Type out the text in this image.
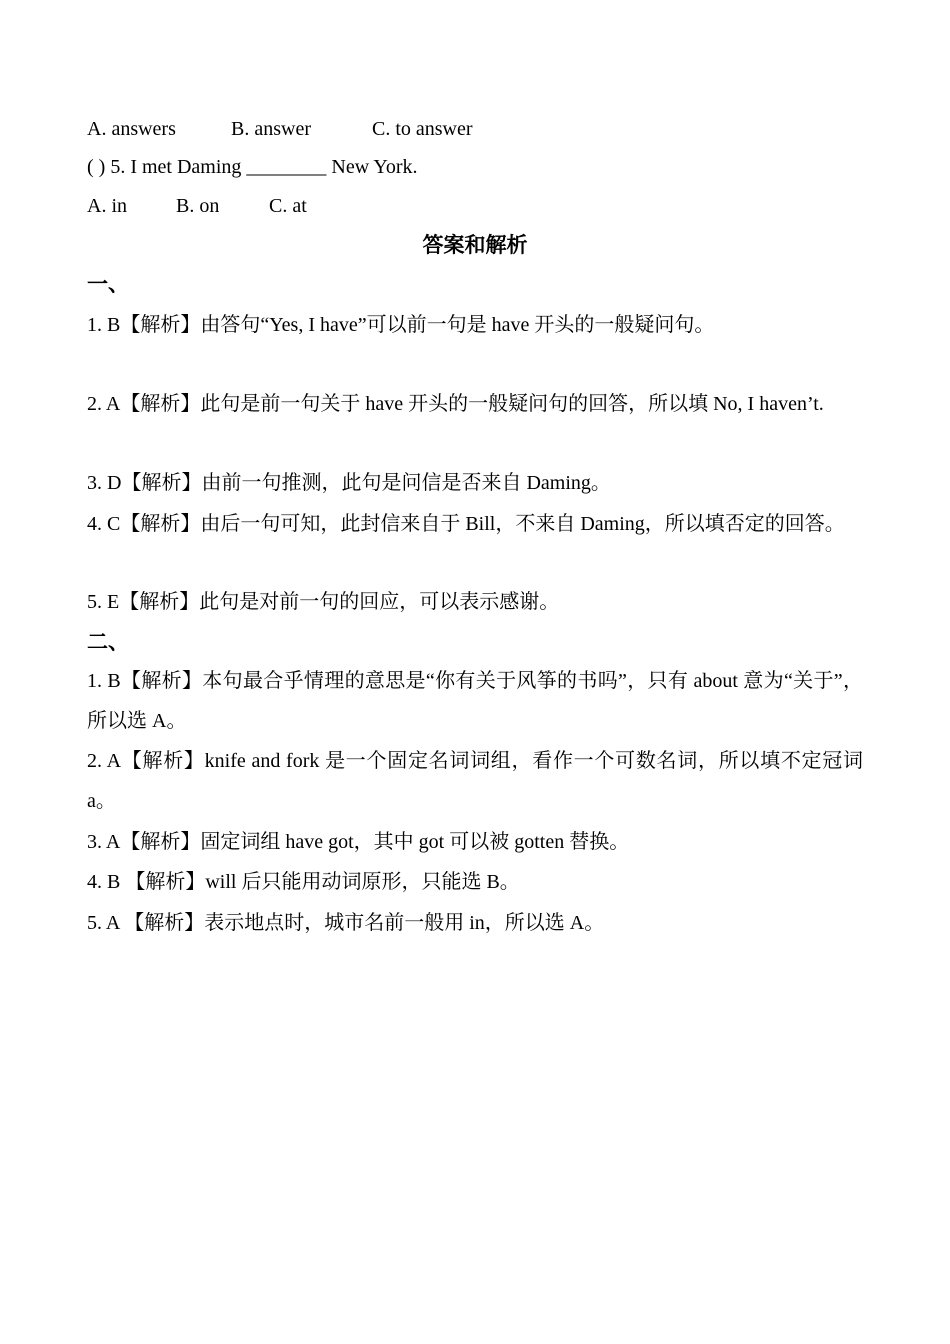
A. answers	B. answer	C. to answer
( ) 5. I met Daming ________ New York.
A. in B. on C. at
答案和解析
一、
1. B【解析】由答句“Yes, I have”可以前一句是 have 开头的一般疑问句。
2. A【解析】此句是前一句关于 have 开头的一般疑问句的回答，所以填 No, I haven’t.
3. D【解析】由前一句推测，此句是问信是否来自 Daming。
4. C【解析】由后一句可知，此封信来自于 Bill，不来自 Daming，所以填否定的回答。
5. E【解析】此句是对前一句的回应，可以表示感谢。
二、
1. B【解析】本句最合乎情理的意思是“你有关于风筝的书吗”，只有 about 意为“关于”，所以选 A。
2. A【解析】knife and fork 是一个固定名词词组，看作一个可数名词，所以填不定冠词 a。
3. A【解析】固定词组 have got，其中 got 可以被 gotten 替换。
4. B 【解析】will 后只能用动词原形，只能选 B。
5. A 【解析】表示地点时，城市名前一般用 in，所以选 A。
